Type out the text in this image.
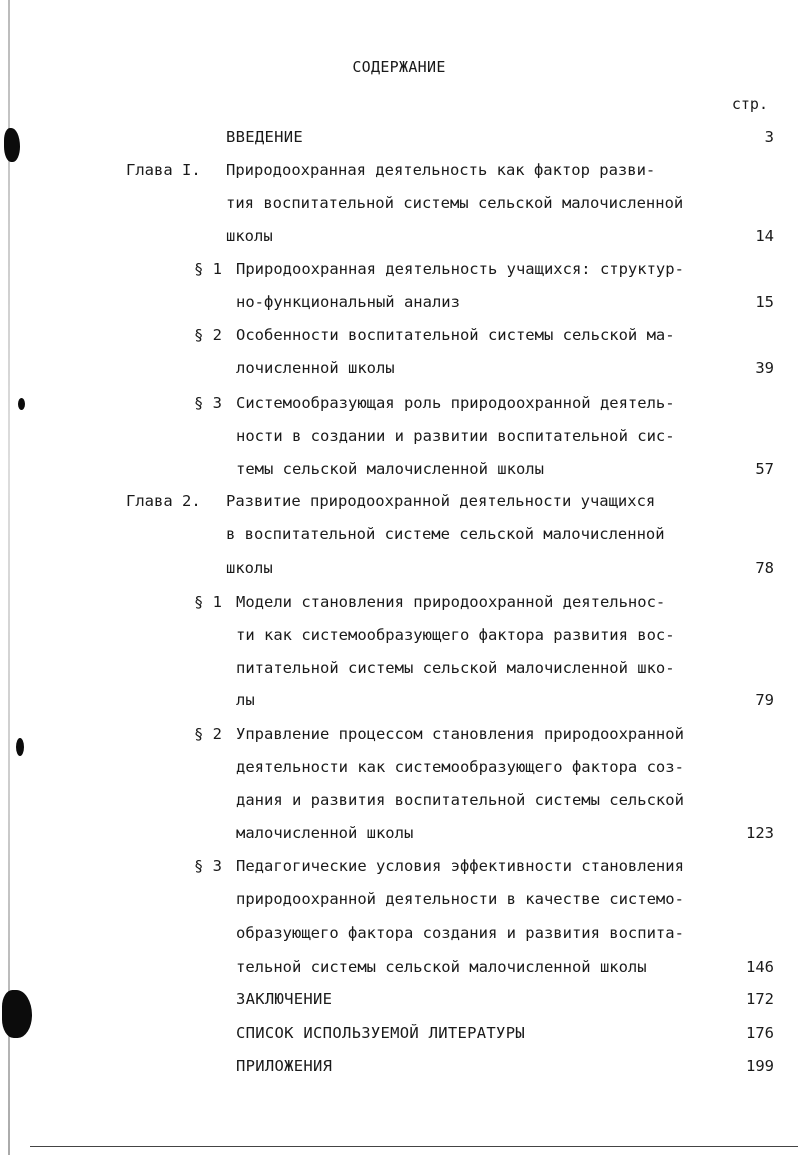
СОДЕРЖАНИЕ
стр.
ВВЕДЕНИЕ	3
Глава I. Природоохранная деятельность как фактор разви-
тия воспитательной системы сельской малочисленной
школы	14
§ 1 Природоохранная деятельность учащихся: структур-
но-функциональный анализ	15
§ 2 Особенности воспитательной системы сельской ма-
лочисленной школы	39
§ 3 Системообразующая роль природоохранной деятель-
ности в создании и развитии воспитательной сис-
темы сельской малочисленной школы	57
Глава 2. Развитие природоохранной деятельности учащихся
в воспитательной системе сельской малочисленной
школы	78
§ 1 Модели становления природоохранной деятельнос-
ти как системообразующего фактора развития вос-
питательной системы сельской малочисленной шко-
лы	79
§ 2 Управление процессом становления природоохранной
деятельности как системообразующего фактора соз-
дания и развития воспитательной системы сельской
малочисленной школы	123
§ 3 Педагогические условия эффективности становления
природоохранной деятельности в качестве системо-
образующего фактора создания и развития воспита-
тельной системы сельской малочисленной школы	146
ЗАКЛЮЧЕНИЕ	172
СПИСОК ИСПОЛЬЗУЕМОЙ ЛИТЕРАТУРЫ	176
ПРИЛОЖЕНИЯ	199
